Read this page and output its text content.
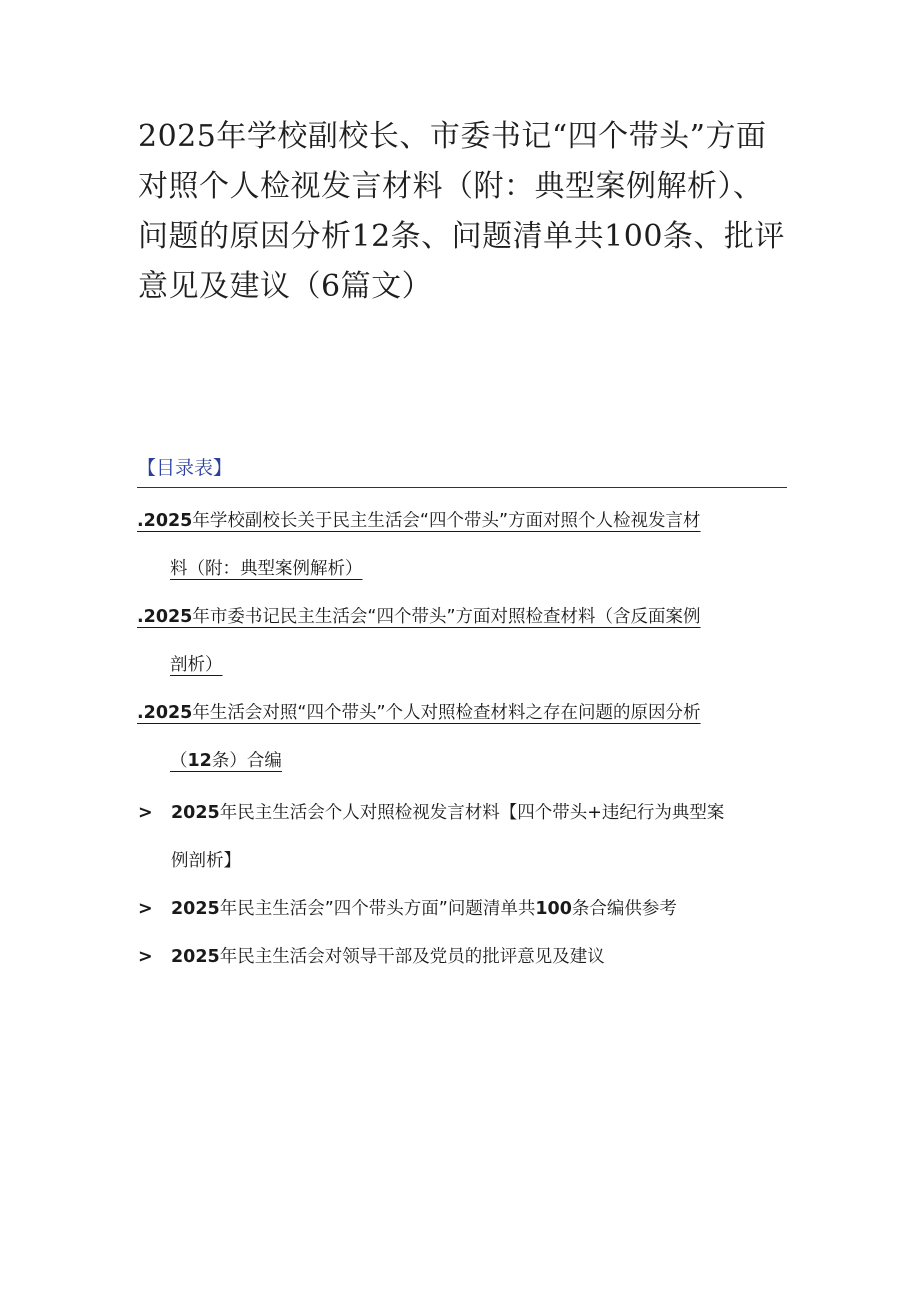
2025年学校副校长、市委书记“四个带头”方面对照个人检视发言材料（附：典型案例解析）、问题的原因分析12条、问题清单共100条、批评意见及建议（6篇文）
【目录表】
.2025年学校副校长关于民主生活会“四个带头”方面对照个人检视发言材
料（附：典型案例解析）
.2025年市委书记民主生活会“四个带头”方面对照检查材料（含反面案例
剖析）
.2025年生活会对照“四个带头”个人对照检查材料之存在问题的原因分析
（12条）合编
>	2025年民主生活会个人对照检视发言材料【四个带头+违纪行为典型案
例剖析】
>	2025年民主生活会”四个带头方面”问题清单共100条合编供参考
>	2025年民主生活会对领导干部及党员的批评意见及建议
